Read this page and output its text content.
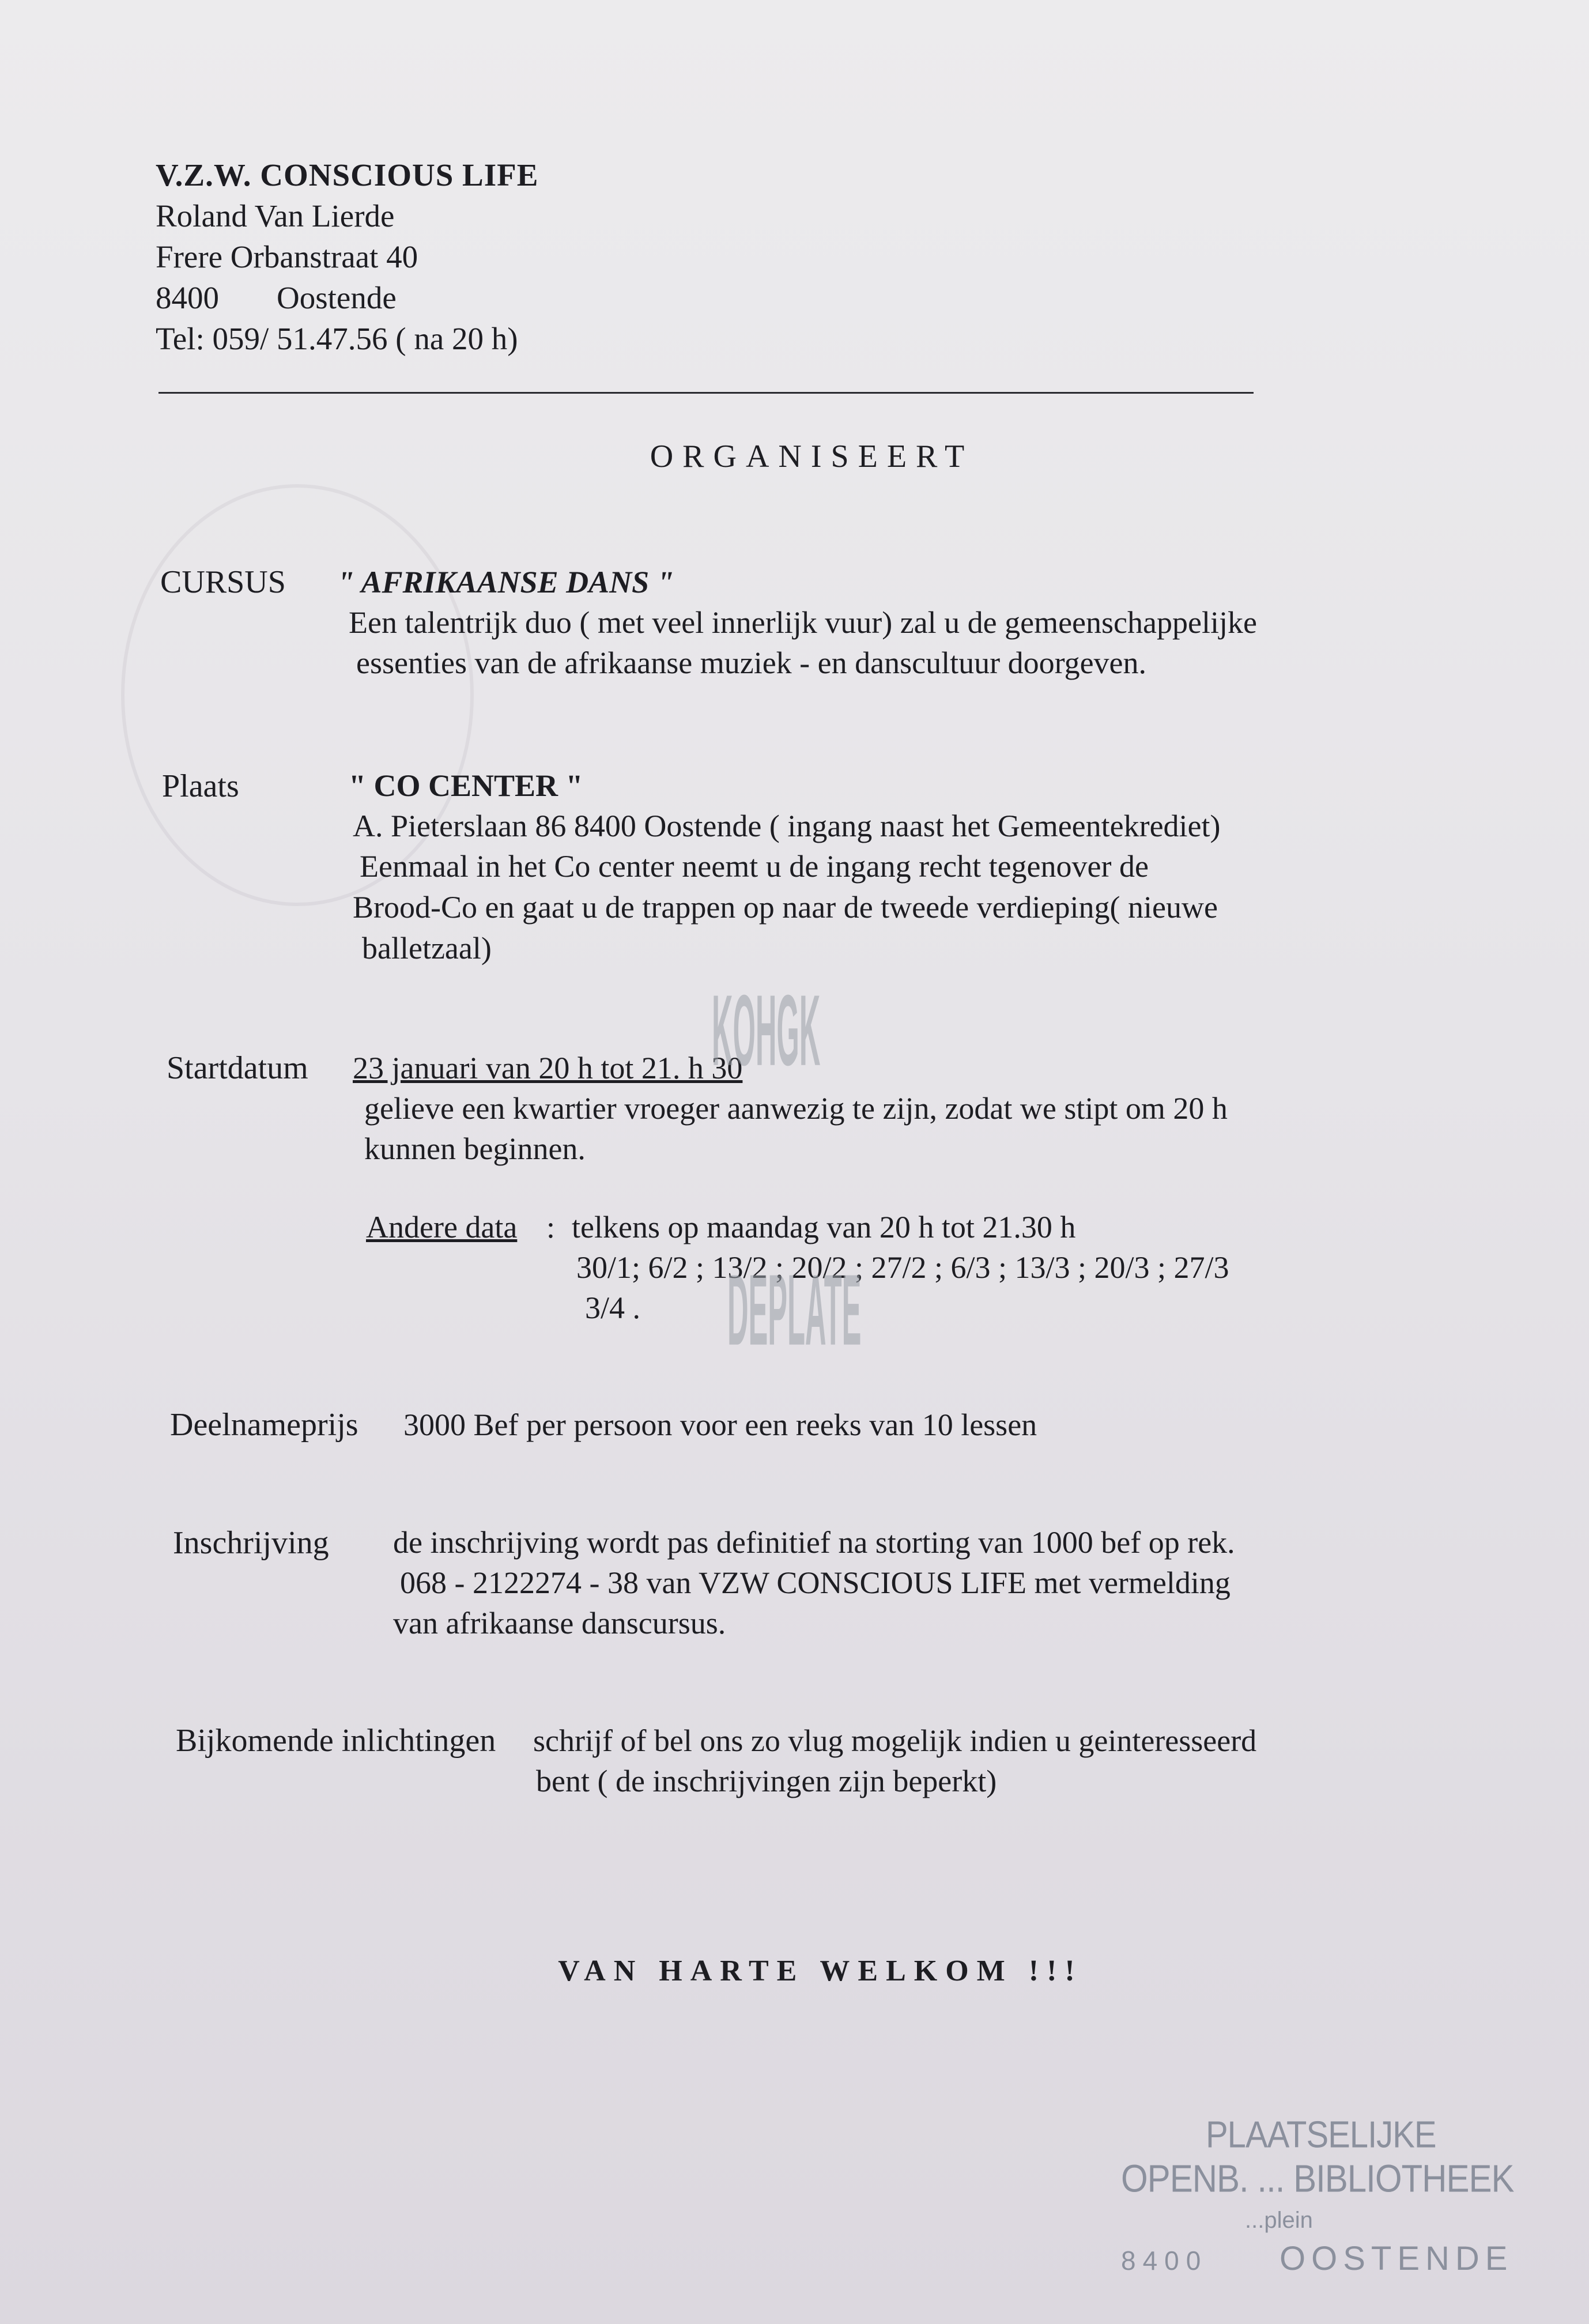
V.Z.W. CONSCIOUS LIFE
Roland Van Lierde
Frere Orbanstraat 40
8400 Oostende
Tel: 059/ 51.47.56 ( na 20 h)
ORGANISEERT
CURSUS " AFRIKAANSE DANS "
Een talentrijk duo ( met veel innerlijk vuur) zal u de gemeenschappelijke
essenties van de afrikaanse muziek - en danscultuur doorgeven.
Plaats	" CO CENTER "
A. Pieterslaan 86 8400 Oostende ( ingang naast het Gemeentekrediet)
Eenmaal in het Co center neemt u de ingang recht tegenover de
Brood-Co en gaat u de trappen op naar de tweede verdieping( nieuwe
balletzaal)
Startdatum 23 januari van 20 h tot 21. h 30
gelieve een kwartier vroeger aanwezig te zijn, zodat we stipt om 20 h
kunnen beginnen.
Andere data : telkens op maandag van 20 h tot 21.30 h
30/1; 6/2 ; 13/2 ; 20/2 ; 27/2 ; 6/3 ; 13/3 ; 20/3 ; 27/3
3/4 .
Deelnameprijs 3000 Bef per persoon voor een reeks van 10 lessen
Inschrijving de inschrijving wordt pas definitief na storting van 1000 bef op rek.
068 - 2122274 - 38 van VZW CONSCIOUS LIFE met vermelding
van afrikaanse danscursus.
Bijkomende inlichtingen schrijf of bel ons zo vlug mogelijk indien u geinteresseerd
bent ( de inschrijvingen zijn beperkt)
VAN HARTE WELKOM !!!
KOHGK
DEPLATE
PLAATSELIJKE
OPENB. ... BIBLIOTHEEK
...plein
8400 OOSTENDE
